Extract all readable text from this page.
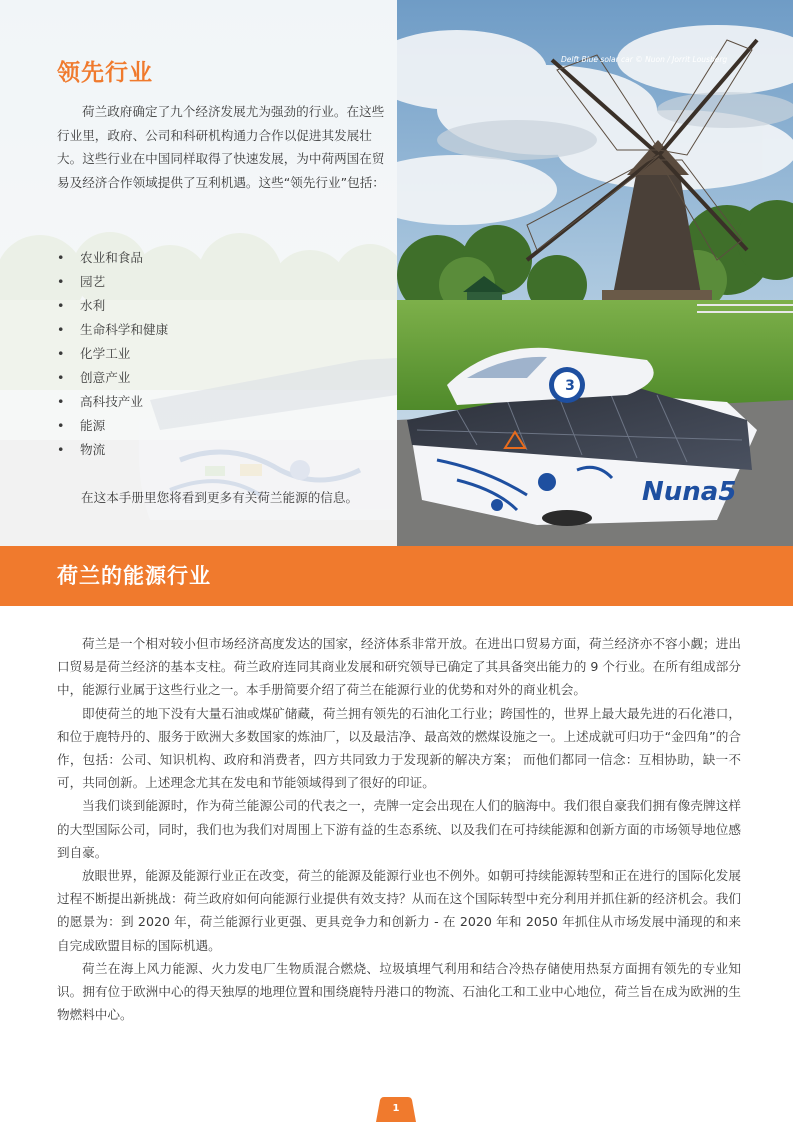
领先行业

荷兰政府确定了九个经济发展尤为强劲的行业。在这些行业里，政府、公司和科研机构通力合作以促进其发展壮大。这些行业在中国同样取得了快速发展，为中荷两国在贸易及经济合作领域提供了互利机遇。这些“领先行业”包括：

• 农业和食品
• 园艺
• 水利
• 生命科学和健康
• 化学工业
• 创意产业
• 高科技产业
• 能源
• 物流

在这本手册里您将看到更多有关荷兰能源的信息。

3
Nuna5

Delft Blue solar car © Nuon / Jorrit Lousberg

荷兰的能源行业

荷兰是一个相对较小但市场经济高度发达的国家，经济体系非常开放。在进出口贸易方面，荷兰经济亦不容小觑；进出口贸易是荷兰经济的基本支柱。荷兰政府连同其商业发展和研究领导已确定了其具备突出能力的 9 个行业。在所有组成部分中，能源行业属于这些行业之一。本手册简要介绍了荷兰在能源行业的优势和对外的商业机会。

即使荷兰的地下没有大量石油或煤矿储藏，荷兰拥有领先的石油化工行业；跨国性的，世界上最大最先进的石化港口，和位于鹿特丹的、服务于欧洲大多数国家的炼油厂，以及最洁净、最高效的燃煤设施之一。上述成就可归功于“金四角”的合作，包括：公司、知识机构、政府和消费者，四方共同致力于发现新的解决方案； 而他们都同一信念：互相协助，缺一不可，共同创新。上述理念尤其在发电和节能领域得到了很好的印证。

当我们谈到能源时，作为荷兰能源公司的代表之一，壳牌一定会出现在人们的脑海中。我们很自豪我们拥有像壳牌这样的大型国际公司，同时，我们也为我们对周围上下游有益的生态系统、以及我们在可持续能源和创新方面的市场领导地位感到自豪。

放眼世界，能源及能源行业正在改变，荷兰的能源及能源行业也不例外。如朝可持续能源转型和正在进行的国际化发展过程不断提出新挑战：荷兰政府如何向能源行业提供有效支持？从而在这个国际转型中充分利用并抓住新的经济机会。我们的愿景为：到 2020 年，荷兰能源行业更强、更具竞争力和创新力 - 在 2020 年和 2050 年抓住从市场发展中涌现的和来自完成欧盟目标的国际机遇。

荷兰在海上风力能源、火力发电厂生物质混合燃烧、垃圾填埋气利用和结合冷热存储使用热泵方面拥有领先的专业知识。拥有位于欧洲中心的得天独厚的地理位置和围绕鹿特丹港口的物流、石油化工和工业中心地位，荷兰旨在成为欧洲的生物燃料中心。

1
